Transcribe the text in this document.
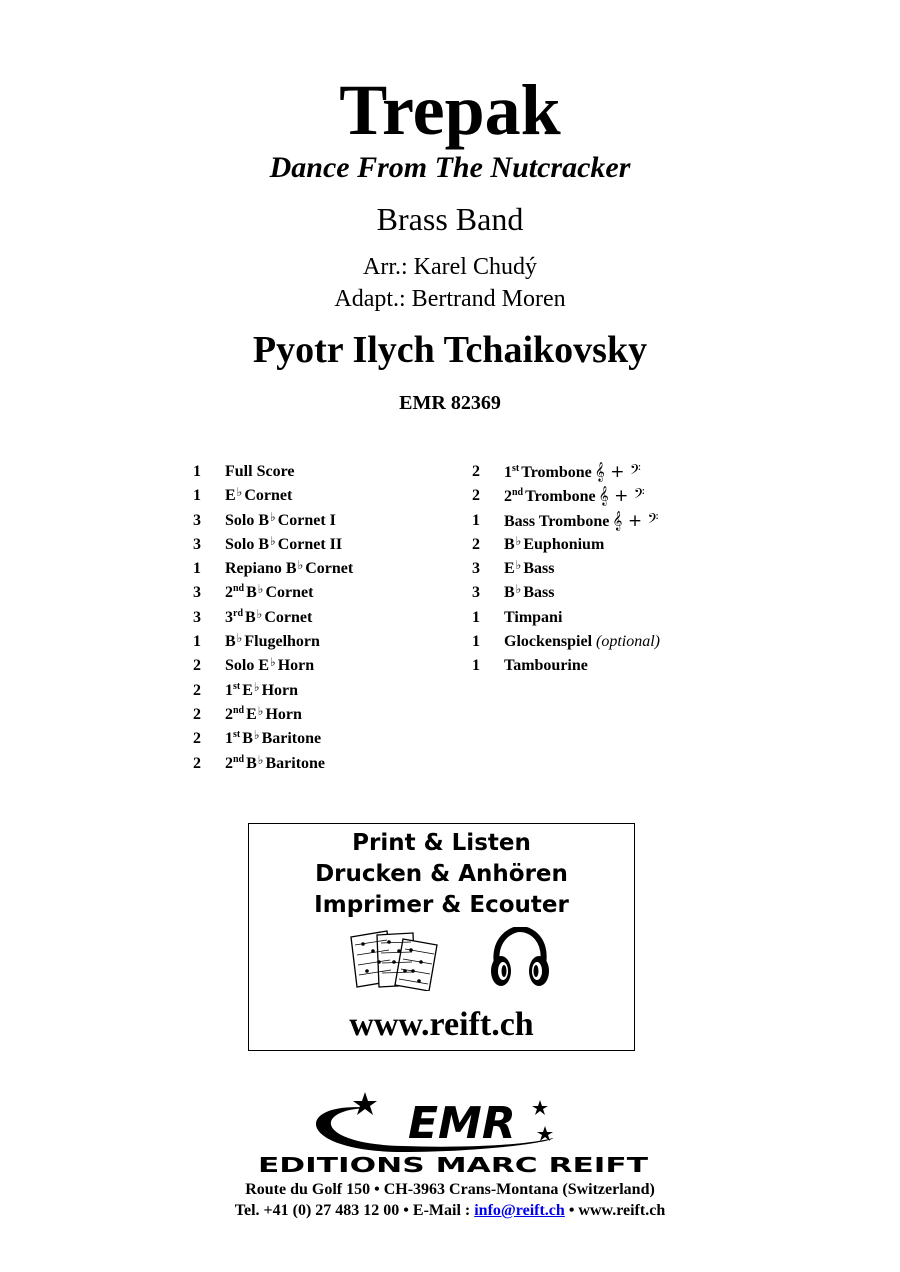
Trepak
Dance From The Nutcracker
Brass Band
Arr.: Karel Chudý
Adapt.: Bertrand Moren
Pyotr Ilych Tchaikovsky
EMR 82369
1	Full Score
1	E♭ Cornet
3	Solo B♭ Cornet I
3	Solo B♭ Cornet II
1	Repiano B♭ Cornet
3	2nd B♭ Cornet
3	3rd B♭ Cornet
1	B♭ Flugelhorn
2	Solo E♭ Horn
2	1st E♭ Horn
2	2nd E♭ Horn
2	1st B♭ Baritone
2	2nd B♭ Baritone
2	1st Trombone 𝄞 + 𝄢
2	2nd Trombone 𝄞 + 𝄢
1	Bass Trombone 𝄞 + 𝄢
2	B♭ Euphonium
3	E♭ Bass
3	B♭ Bass
1	Timpani
1	Glockenspiel (optional)
1	Tambourine
Print & Listen
Drucken & Anhören
Imprimer & Ecouter
www.reift.ch
EMR
EDITIONS MARC REIFT
Route du Golf 150 • CH-3963 Crans-Montana (Switzerland)
Tel. +41 (0) 27 483 12 00 • E-Mail : info@reift.ch • www.reift.ch
